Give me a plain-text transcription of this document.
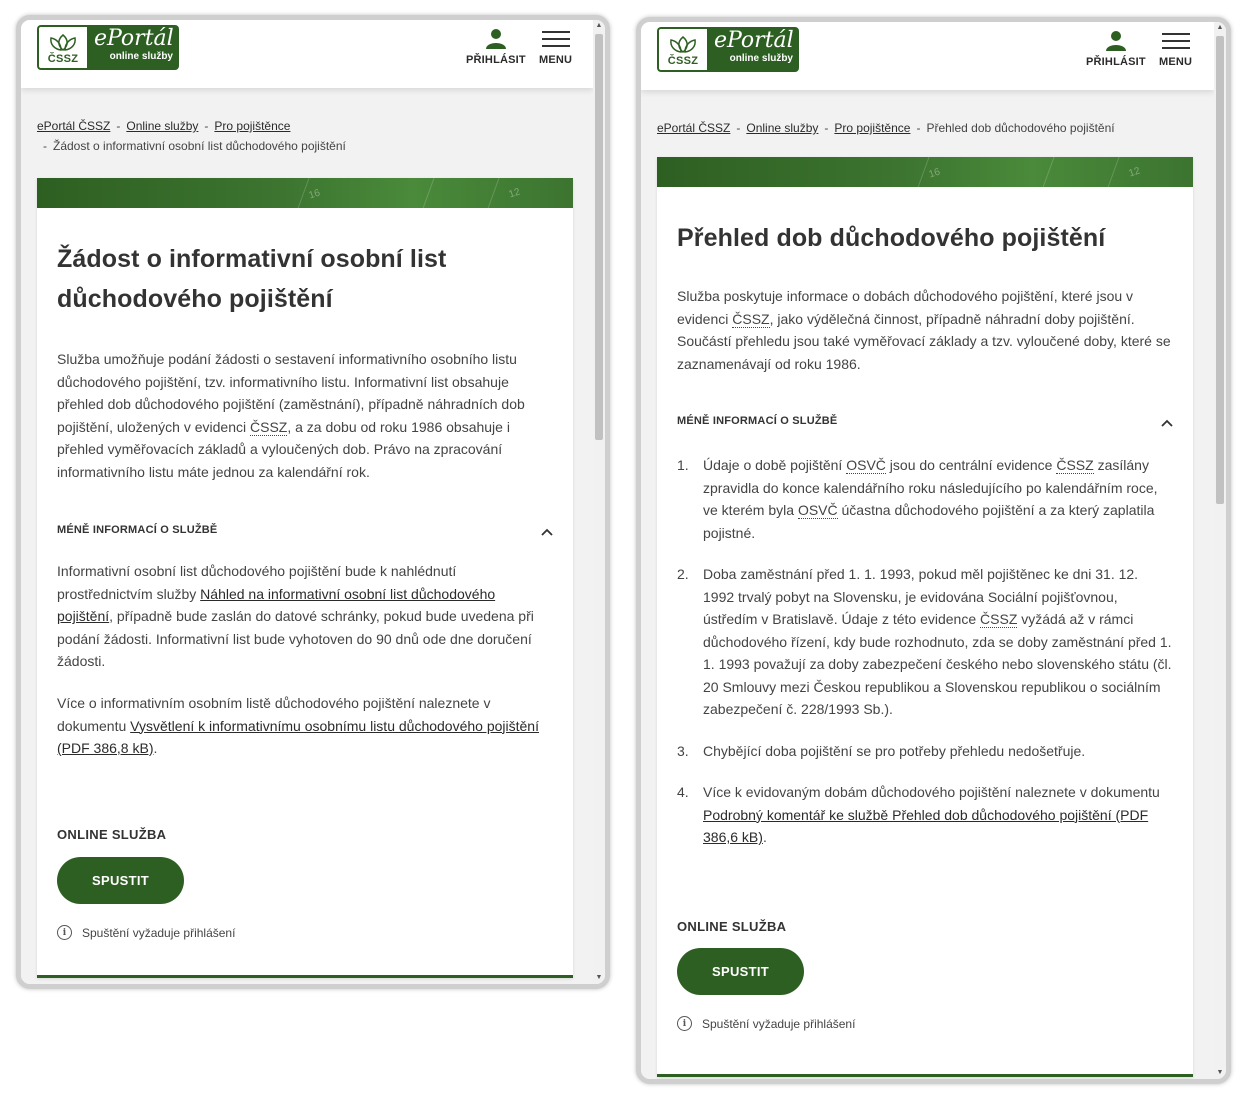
ČSSZ
ePortál
online služby	PŘIHLÁSIT MENU
ePortál ČSSZ - Online služby - Pro pojištěnce
- Žádost o informativní osobní list důchodového pojištění
16	12
Žádost o informativní osobní list důchodového pojištění

Služba umožňuje podání žádosti o sestavení informativního osobního listu důchodového pojištění, tzv. informativního listu. Informativní list obsahuje přehled dob důchodového pojištění (zaměstnání), případně náhradních dob pojištění, uložených v evidenci ČSSZ, a za dobu od roku 1986 obsahuje i přehled vyměřovacích základů a vyloučených dob. Právo na zpracování informativního listu máte jednou za kalendářní rok.

MÉNĚ INFORMACÍ O SLUŽBĚ

Informativní osobní list důchodového pojištění bude k nahlédnutí prostřednictvím služby Náhled na informativní osobní list důchodového pojištění, případně bude zaslán do datové schránky, pokud bude uvedena při podání žádosti. Informativní list bude vyhotoven do 90 dnů ode dne doručení žádosti.

Více o informativním osobním listě důchodového pojištění naleznete v dokumentu Vysvětlení k informativnímu osobnímu listu důchodového pojištění (PDF 386,8 kB).

ONLINE SLUŽBA
SPUSTIT
i	Spuštění vyžaduje přihlášení
▲
▼
ČSSZ
ePortál
online služby	PŘIHLÁSIT MENU
ePortál ČSSZ - Online služby - Pro pojištěnce - Přehled dob důchodového pojištění
16	12
Přehled dob důchodového pojištění

Služba poskytuje informace o dobách důchodového pojištění, které jsou v evidenci ČSSZ, jako výdělečná činnost, případně náhradní doby pojištění. Součástí přehledu jsou také vyměřovací základy a tzv. vyloučené doby, které se zaznamenávají od roku 1986.

MÉNĚ INFORMACÍ O SLUŽBĚ
1. Údaje o době pojištění OSVČ jsou do centrální evidence ČSSZ zasílány zpravidla do konce kalendářního roku následujícího po kalendářním roce, ve kterém byla OSVČ účastna důchodového pojištění a za který zaplatila pojistné.
2. Doba zaměstnání před 1. 1. 1993, pokud měl pojištěnec ke dni 31. 12. 1992 trvalý pobyt na Slovensku, je evidována Sociální pojišťovnou, ústředím v Bratislavě. Údaje z této evidence ČSSZ vyžádá až v rámci důchodového řízení, kdy bude rozhodnuto, zda se doby zaměstnání před 1. 1. 1993 považují za doby zabezpečení českého nebo slovenského státu (čl. 20 Smlouvy mezi Českou republikou a Slovenskou republikou o sociálním zabezpečení č. 228/1993 Sb.).
3. Chybějící doba pojištění se pro potřeby přehledu nedošetřuje.
4. Více k evidovaným dobám důchodového pojištění naleznete v dokumentu Podrobný komentář ke službě Přehled dob důchodového pojištění (PDF 386,6 kB).
ONLINE SLUŽBA
SPUSTIT
i	Spuštění vyžaduje přihlášení
▲
▼
